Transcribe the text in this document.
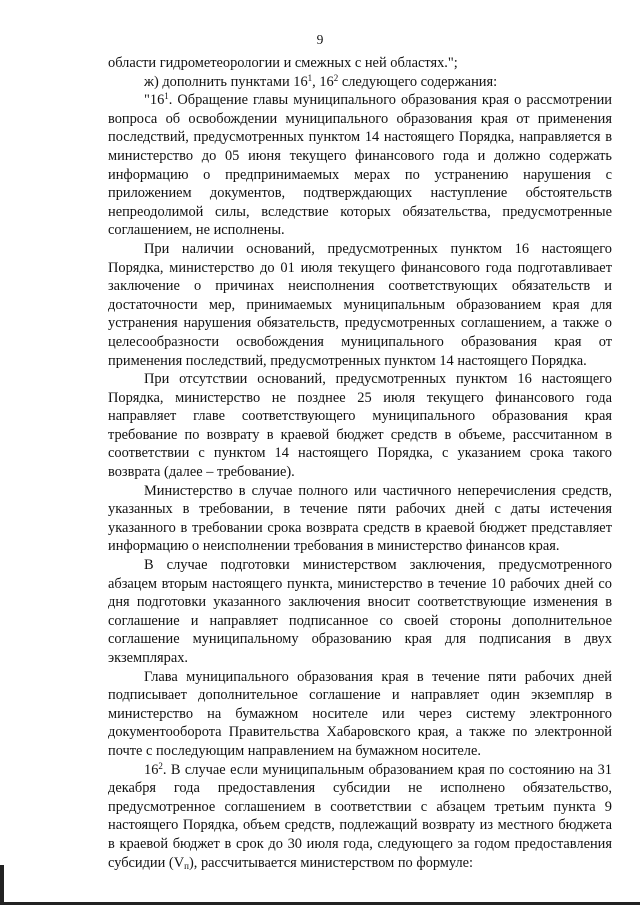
9

области гидрометеорологии и смежных с ней областях.";

ж) дополнить пунктами $16^1$, $16^2$ следующего содержания:

"$16^1$. Обращение главы муниципального образования края о рассмотрении вопроса об освобождении муниципального образования края от применения последствий, предусмотренных пунктом 14 настоящего Порядка, направляется в министерство до 05 июня текущего финансового года и должно содержать информацию о предпринимаемых мерах по устранению нарушения с приложением документов, подтверждающих наступление обстоятельств непреодолимой силы, вследствие которых обязательства, предусмотренные соглашением, не исполнены.

При наличии оснований, предусмотренных пунктом 16 настоящего Порядка, министерство до 01 июля текущего финансового года подготавливает заключение о причинах неисполнения соответствующих обязательств и достаточности мер, принимаемых муниципальным образованием края для устранения нарушения обязательств, предусмотренных соглашением, а также о целесообразности освобождения муниципального образования края от применения последствий, предусмотренных пунктом 14 настоящего Порядка.

При отсутствии оснований, предусмотренных пунктом 16 настоящего Порядка, министерство не позднее 25 июля текущего финансового года направляет главе соответствующего муниципального образования края требование по возврату в краевой бюджет средств в объеме, рассчитанном в соответствии с пунктом 14 настоящего Порядка, с указанием срока такого возврата (далее – требование).

Министерство в случае полного или частичного неперечисления средств, указанных в требовании, в течение пяти рабочих дней с даты истечения указанного в требовании срока возврата средств в краевой бюджет представляет информацию о неисполнении требования в министерство финансов края.

В случае подготовки министерством заключения, предусмотренного абзацем вторым настоящего пункта, министерство в течение 10 рабочих дней со дня подготовки указанного заключения вносит соответствующие изменения в соглашение и направляет подписанное со своей стороны дополнительное соглашение муниципальному образованию края для подписания в двух экземплярах.

Глава муниципального образования края в течение пяти рабочих дней подписывает дополнительное соглашение и направляет один экземпляр в министерство на бумажном носителе или через систему электронного документооборота Правительства Хабаровского края, а также по электронной почте с последующим направлением на бумажном носителе.

$16^2$. В случае если муниципальным образованием края по состоянию на 31 декабря года предоставления субсидии не исполнено обязательство, предусмотренное соглашением в соответствии с абзацем третьим пункта 9 настоящего Порядка, объем средств, подлежащий возврату из местного бюджета в краевой бюджет в срок до 30 июля года, следующего за годом предоставления субсидии $(V_п)$, рассчитывается министерством по формуле:
